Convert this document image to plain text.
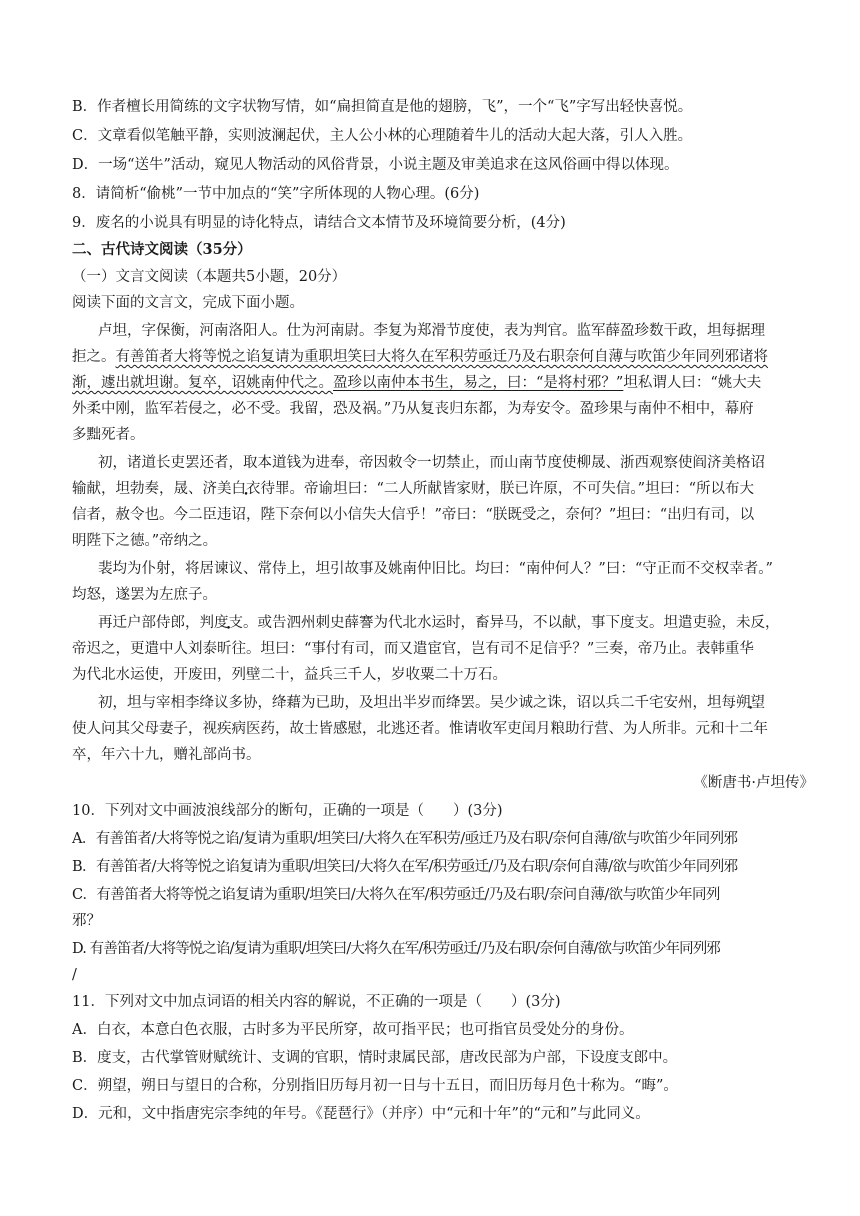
B．作者檀长用简练的文字状物写情，如“扁担简直是他的翅膀，飞”，一个“飞”字写出轻快喜悦。
C．文章看似笔触平静，实则波澜起伏，主人公小林的心理随着牛儿的活动大起大落，引人入胜。
D．一场“送牛”活动，窥见人物活动的风俗背景，小说主题及审美追求在这风俗画中得以体现。
8．请简析“偷桃”一节中加点的“笑”字所体现的人物心理。(6分)
9．废名的小说具有明显的诗化特点，请结合文本情节及环境简要分析，(4分)
二、古代诗文阅读（35分）
（一）文言文阅读（本题共5小题，20分）
阅读下面的文言文，完成下面小题。
卢坦，字保衡，河南洛阳人。仕为河南尉。李复为郑滑节度使，表为判官。监军薛盈珍数干政，坦每据理
拒之。有善笛者大将等悦之谄复请为重职坦笑曰大将久在军积劳亟迁乃及右职奈何自薄与吹笛少年同列邪诸将
渐，遽出就坦谢。复卒，诏姚南仲代之。盈珍以南仲本书生，易之，曰：“是将村邪？”坦私谓人曰：“姚大夫
外柔中刚，监军若侵之，必不受。我留，恐及祸。”乃从复丧归东都，为寿安令。盈珍果与南仲不相中，幕府
多黜死者。
初，诸道长吏罢还者，取本道钱为进奉，帝因敕令一切禁止，而山南节度使柳晟、浙西观察使阎济美格诏
输献，坦勃奏，晟、济美白衣待罪。帝谕坦曰：“二人所献皆家财，朕已许原，不可失信。”坦曰：“所以布大
信者，赦令也。今二臣违诏，陛下奈何以小信失大信乎！”帝曰：“朕既受之，奈何？”坦曰：“出归有司，以
明陛下之德。”帝纳之。
裴均为仆射，将居谏议、常侍上，坦引故事及姚南仲旧比。均曰：“南仲何人？”曰：“守正而不交权幸者。”
均怒，遂罢为左庶子。
再迁户部侍郎，判度支。或告泗州刺史薛謇为代北水运时，畜异马，不以献，事下度支。坦遣吏验，未反，
帝迟之，更遣中人刘泰昕往。坦曰：“事付有司，而又遣宦官，岂有司不足信乎？”三奏，帝乃止。表韩重华
为代北水运使，开废田，列壁二十，益兵三千人，岁收粟二十万石。
初，坦与宰相李绛议多协，绛藉为已助，及坦出半岁而绛罢。吴少诚之诛，诏以兵二千宅安州，坦每朔望
使人问其父母妻子，视疾病医药，故士皆感慰，北逃还者。惟请收军吏闰月粮助行营、为人所非。元和十二年
卒，年六十九，赠礼部尚书。
《断唐书·卢坦传》
10．下列对文中画波浪线部分的断句，正确的一项是（　　）(3分)
A．有善笛者/大将等悦之谄/复请为重职/坦笑曰/大将久在军积劳/亟迁乃及右职/奈何自薄/欲与吹笛少年同列邪
B．有善笛者/大将等悦之谄复请为重职/坦笑曰/大将久在军/积劳亟迁/乃及右职/奈何自薄/欲与吹笛少年同列邪
C．有善笛者大将等悦之谄复请为重职/坦笑曰/大将久在军/积劳亟迁/乃及右职/奈问自薄/欲与吹笛少年同列
邪？
D. 有善笛者/大将等悦之谄/复请为重职/坦笑曰/大将久在军/积劳亟迁/乃及右职/奈何自薄/欲与吹笛少年同列邪
/
11．下列对文中加点词语的相关内容的解说，不正确的一项是（　　）(3分)
A．白衣，本意白色衣服，古时多为平民所穿，故可指平民；也可指官员受处分的身份。
B．度支，古代掌管财赋统计、支调的官职，情时隶属民部，唐改民部为户部，下设度支郎中。
C．朔望，朔日与望日的合称，分别指旧历每月初一日与十五日，而旧历每月色十称为。“晦”。
D．元和，文中指唐宪宗李纯的年号。《琵琶行》（并序）中“元和十年”的“元和”与此同义。
